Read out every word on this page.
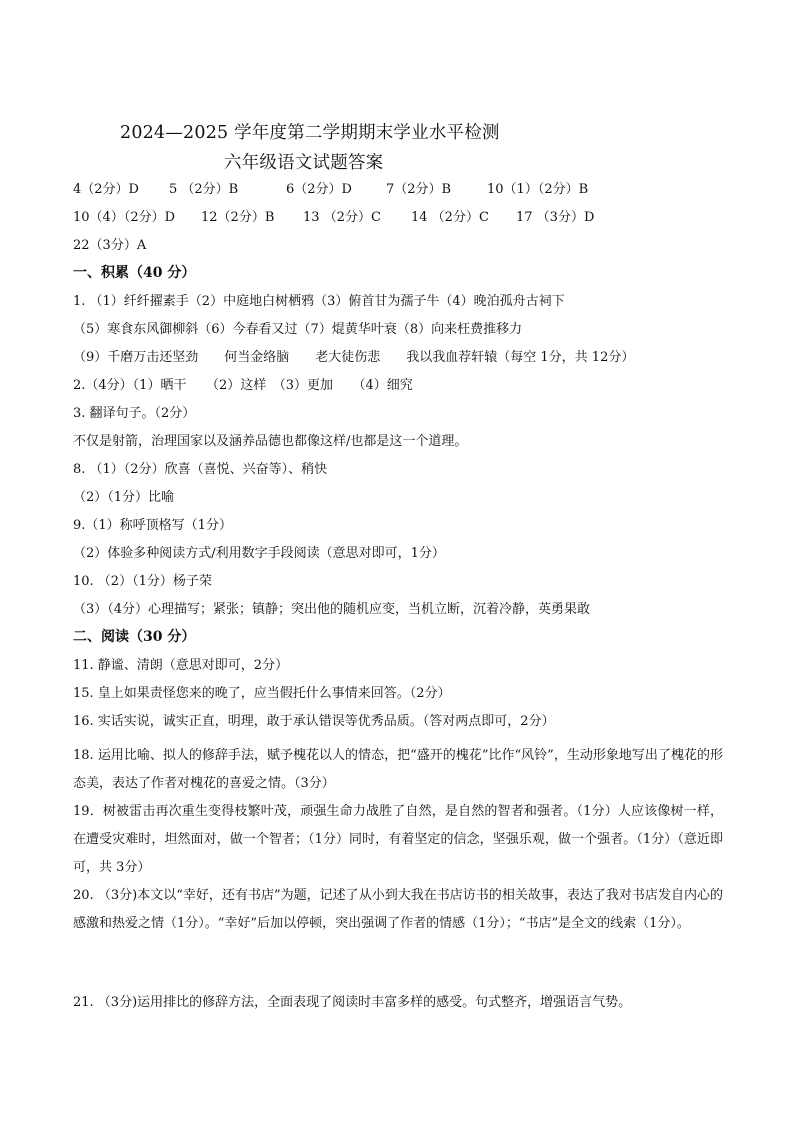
2024—2025 学年度第二学期期末学业水平检测
六年级语文试题答案
4（2分）D 5 （2分）B	6（2分）D	7（2分）B	10（1）（2分）B
10（4）（2分）D 12（2分）B 13 （2分）C 14 （2分）C 17 （3分）D
22（3分）A
一、积累（40 分）
1. （1）纤纤擢素手（2）中庭地白树栖鸦（3）俯首甘为孺子牛（4）晚泊孤舟古祠下
（5）寒食东风御柳斜（6）今春看又过（7）焜黄华叶衰（8）向来枉费推移力
（9）千磨万击还坚劲　　何当金络脑　　老大徒伤悲　　我以我血荐轩辕（每空 1分，共 12分）
2.（4分）（1）晒干　　（2）这样　（3）更加　　（4）细究
3. 翻译句子。（2分）
不仅是射箭，治理国家以及涵养品德也都像这样/也都是这一个道理。
8. （1）（2分）欣喜（喜悦、兴奋等）、稍快
（2）（1分）比喻
9.（1）称呼顶格写（1分）
（2）体验多种阅读方式/利用数字手段阅读（意思对即可，1分）
10. （2）（1分）杨子荣
（3）（4分）心理描写；紧张；镇静；突出他的随机应变，当机立断，沉着冷静，英勇果敢
二、阅读（30 分）
11. 静谧、清朗（意思对即可，2分）
15. 皇上如果责怪您来的晚了，应当假托什么事情来回答。（2分）
16. 实话实说，诚实正直，明理，敢于承认错误等优秀品质。（答对两点即可，2分）
18. 运用比喻、拟人的修辞手法，赋予槐花以人的情态，把“盛开的槐花”比作“风铃”，生动形象地写出了槐花的形态美，表达了作者对槐花的喜爱之情。（3分）
19．树被雷击再次重生变得枝繁叶茂，顽强生命力战胜了自然，是自然的智者和强者。（1分）人应该像树一样，在遭受灾难时，坦然面对，做一个智者；（1分）同时，有着坚定的信念，坚强乐观，做一个强者。（1分）（意近即可，共 3分）
20. （3分)本文以“幸好，还有书店”为题，记述了从小到大我在书店访书的相关故事，表达了我对书店发自内心的感激和热爱之情（1分）。“幸好”后加以停顿，突出强调了作者的情感（1分）；“书店”是全文的线索（1分）。
21. （3分)运用排比的修辞方法，全面表现了阅读时丰富多样的感受。句式整齐，增强语言气势。
